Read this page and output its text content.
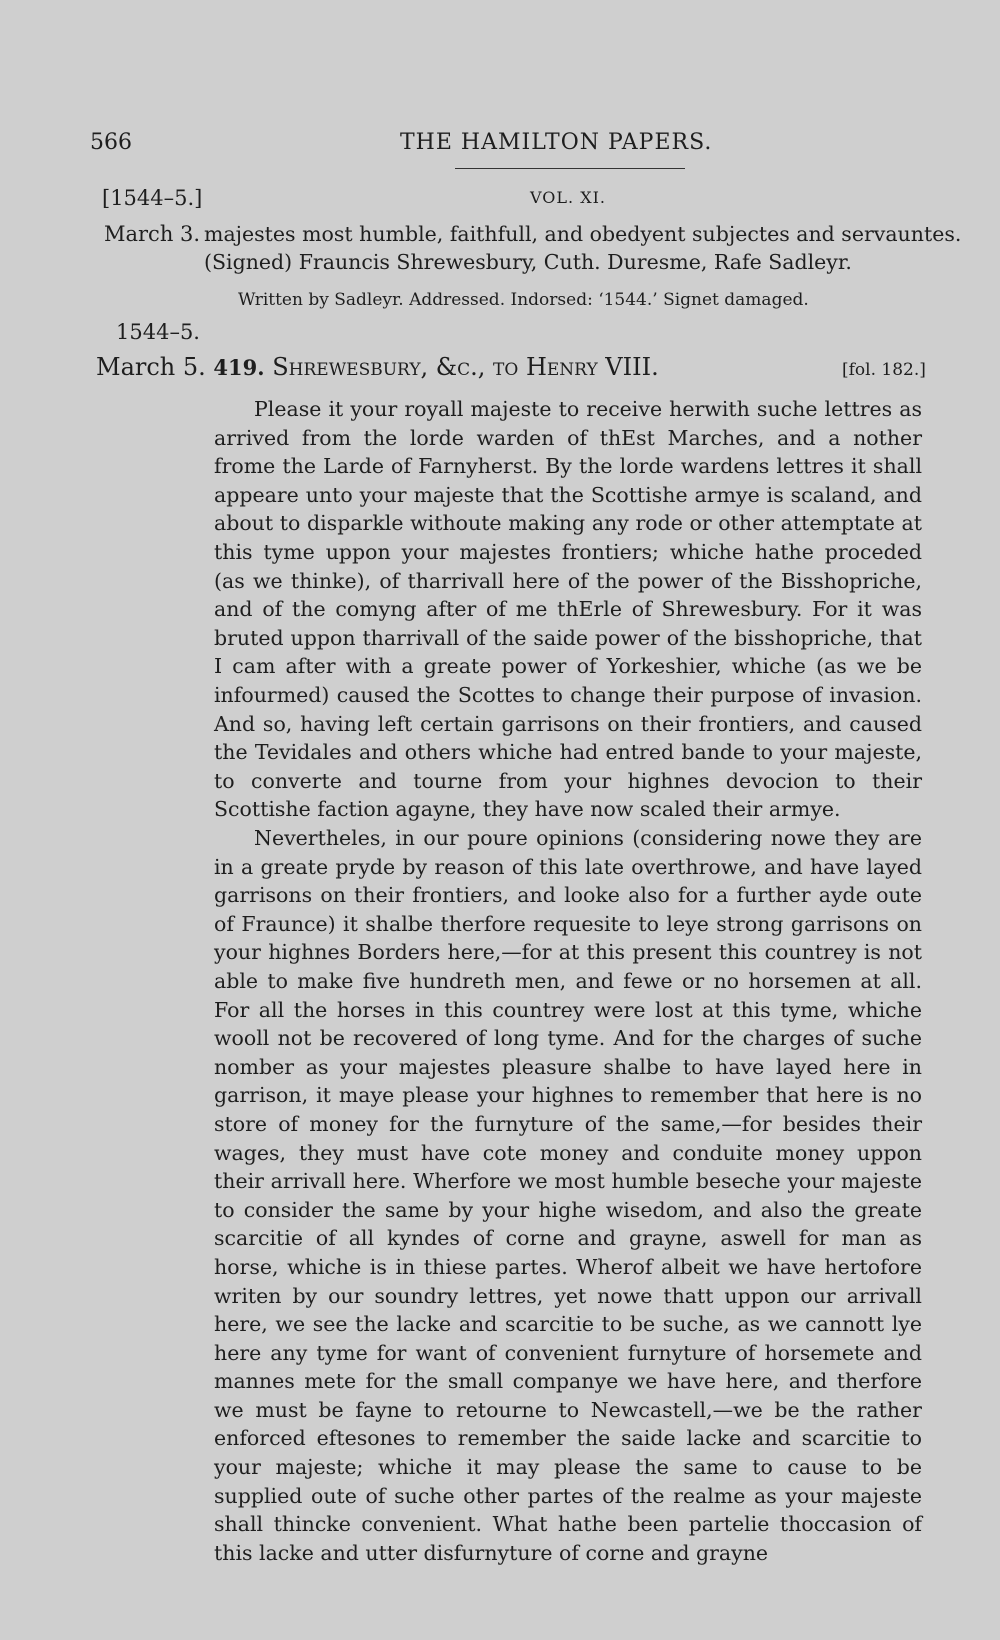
566	THE HAMILTON PAPERS.
[1544–5.]	VOL. XI.
March 3. majestes most humble, faithfull, and obedyent subjectes and servauntes.
(Signed) Frauncis Shrewesbury, Cuth. Duresme, Rafe Sadleyr.
Written by Sadleyr. Addressed. Indorsed: ‘1544.’ Signet damaged.
1544–5.
March 5. 419. Shrewesbury, &c., to Henry VIII.	[fol. 182.]
Please it your royall majeste to receive herwith suche lettres as arrived from the lorde warden of thEst Marches, and a nother frome the Larde of Farnyherst. By the lorde wardens lettres it shall appeare unto your majeste that the Scottishe armye is scaland, and about to disparkle withoute making any rode or other attemptate at this tyme uppon your majestes frontiers; whiche hathe proceded (as we thinke), of tharrivall here of the power of the Bisshopriche, and of the comyng after of me thErle of Shrewesbury. For it was bruted uppon tharrivall of the saide power of the bisshopriche, that I cam after with a greate power of Yorkeshier, whiche (as we be infourmed) caused the Scottes to change their purpose of invasion. And so, having left certain garrisons on their frontiers, and caused the Tevidales and others whiche had entred bande to your majeste, to converte and tourne from your highnes devocion to their Scottishe faction agayne, they have now scaled their armye.
Nevertheles, in our poure opinions (considering nowe they are in a greate pryde by reason of this late overthrowe, and have layed garrisons on their frontiers, and looke also for a further ayde oute of Fraunce) it shalbe therfore requesite to leye strong garrisons on your highnes Borders here,—for at this present this countrey is not able to make five hundreth men, and fewe or no horsemen at all. For all the horses in this countrey were lost at this tyme, whiche wooll not be recovered of long tyme. And for the charges of suche nomber as your majestes pleasure shalbe to have layed here in garrison, it maye please your highnes to remember that here is no store of money for the furnyture of the same,—for besides their wages, they must have cote money and conduite money uppon their arrivall here. Wherfore we most humble beseche your majeste to consider the same by your highe wisedom, and also the greate scarcitie of all kyndes of corne and grayne, aswell for man as horse, whiche is in thiese partes. Wherof albeit we have hertofore writen by our soundry lettres, yet nowe thatt uppon our arrivall here, we see the lacke and scarcitie to be suche, as we cannott lye here any tyme for want of convenient furnyture of horsemete and mannes mete for the small companye we have here, and therfore we must be fayne to retourne to Newcastell,—we be the rather enforced eftesones to remember the saide lacke and scarcitie to your majeste; whiche it may please the same to cause to be supplied oute of suche other partes of the realme as your majeste shall thincke convenient. What hathe been partelie thoccasion of this lacke and utter disfurnyture of corne and grayne
